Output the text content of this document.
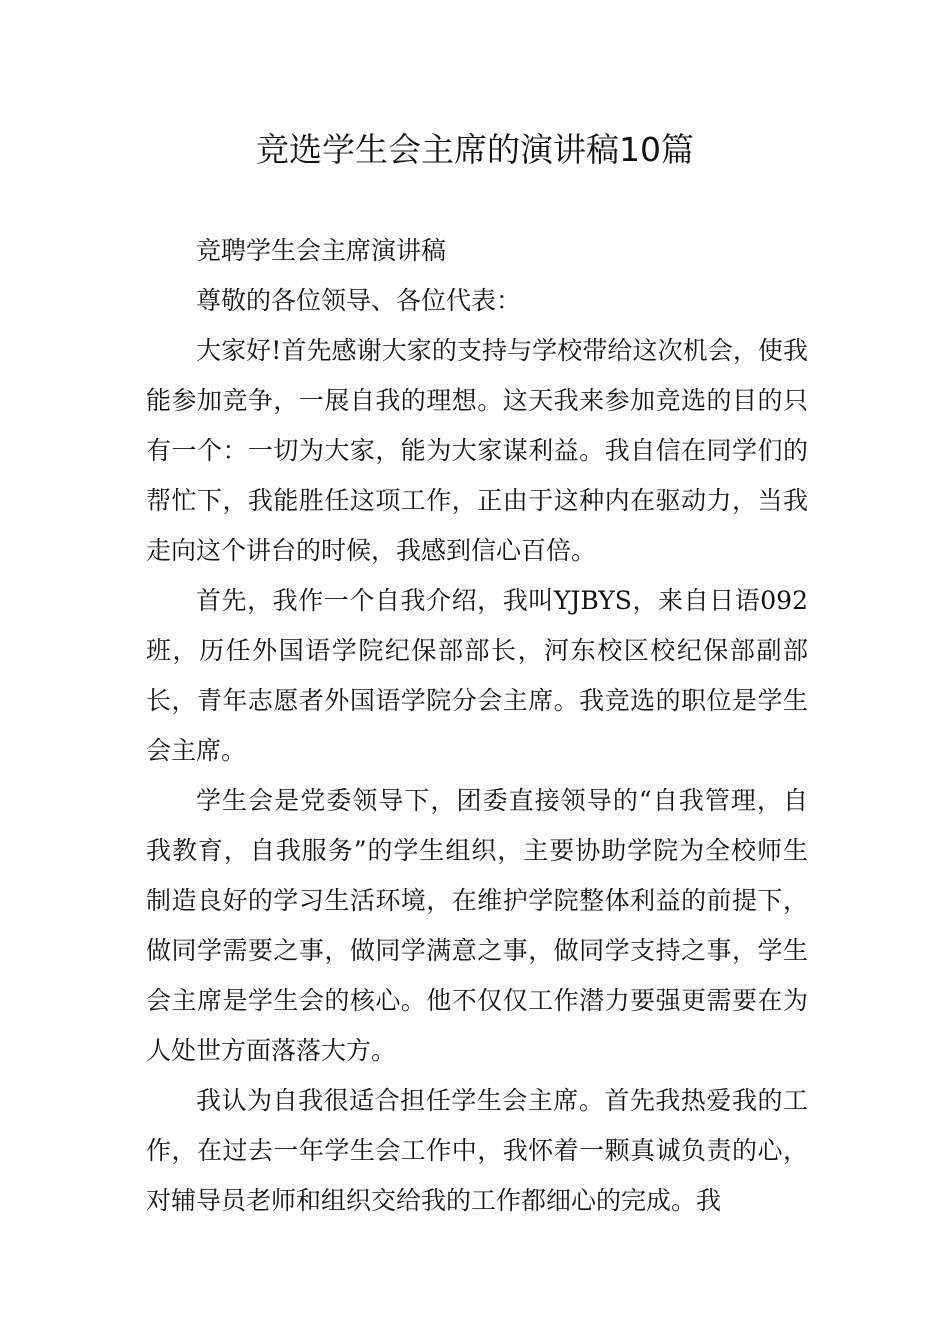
竞选学生会主席的演讲稿10篇

竞聘学生会主席演讲稿

尊敬的各位领导、各位代表：

大家好!首先感谢大家的支持与学校带给这次机会，使我能参加竞争，一展自我的理想。这天我来参加竞选的目的只有一个：一切为大家，能为大家谋利益。我自信在同学们的帮忙下，我能胜任这项工作，正由于这种内在驱动力，当我走向这个讲台的时候，我感到信心百倍。

首先，我作一个自我介绍，我叫YJBYS，来自日语092班，历任外国语学院纪保部部长，河东校区校纪保部副部长，青年志愿者外国语学院分会主席。我竞选的职位是学生会主席。

学生会是党委领导下，团委直接领导的“自我管理，自我教育，自我服务”的学生组织，主要协助学院为全校师生制造良好的学习生活环境，在维护学院整体利益的前提下，做同学需要之事，做同学满意之事，做同学支持之事，学生会主席是学生会的核心。他不仅仅工作潜力要强更需要在为人处世方面落落大方。

我认为自我很适合担任学生会主席。首先我热爱我的工作，在过去一年学生会工作中，我怀着一颗真诚负责的心，对辅导员老师和组织交给我的工作都细心的完成。我
